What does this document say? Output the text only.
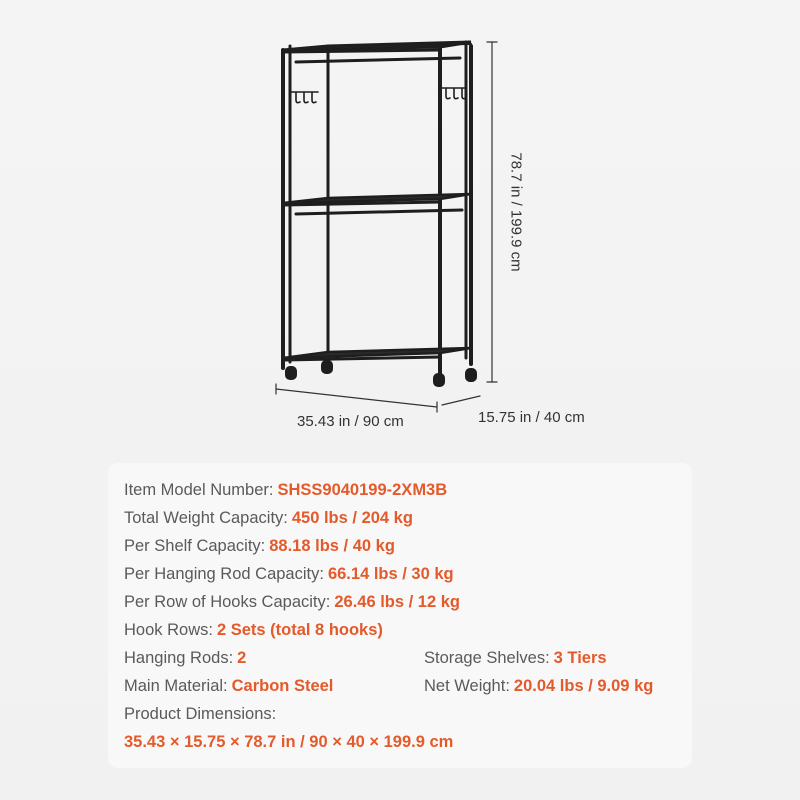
35.43 in / 90 cm	15.75 in / 40 cm
78.7 in / 199.9 cm
Item Model Number: SHSS9040199-2XM3B
Total Weight Capacity: 450 lbs / 204 kg
Per Shelf Capacity: 88.18 lbs / 40 kg
Per Hanging Rod Capacity: 66.14 lbs / 30 kg
Per Row of Hooks Capacity: 26.46 lbs / 12 kg
Hook Rows: 2 Sets (total 8 hooks)
Hanging Rods: 2	Storage Shelves: 3 Tiers
Main Material: Carbon Steel	Net Weight: 20.04 lbs / 9.09 kg
Product Dimensions:
35.43 × 15.75 × 78.7 in / 90 × 40 × 199.9 cm
